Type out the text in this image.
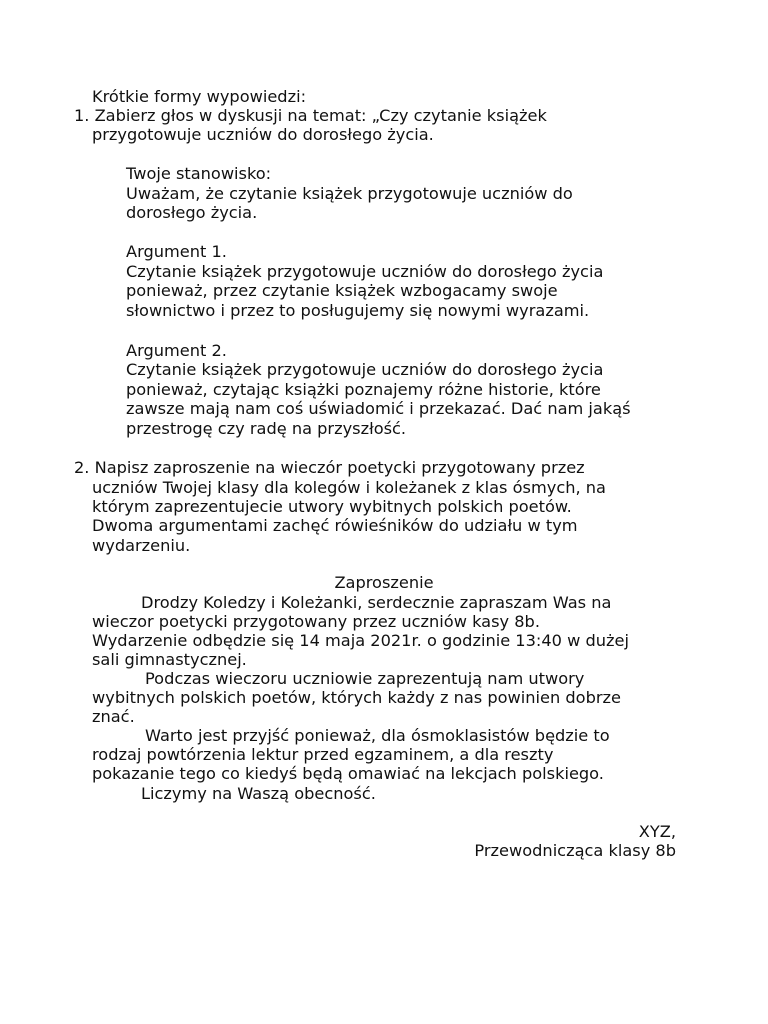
Krótkie formy wypowiedzi:
1. Zabierz głos w dyskusji na temat: „Czy czytanie książek
przygotowuje uczniów do dorosłego życia.
Twoje stanowisko:
Uważam, że czytanie książek przygotowuje uczniów do
dorosłego życia.
Argument 1.
Czytanie książek przygotowuje uczniów do dorosłego życia
ponieważ, przez czytanie książek wzbogacamy swoje
słownictwo i przez to posługujemy się nowymi wyrazami.
Argument 2.
Czytanie książek przygotowuje uczniów do dorosłego życia
ponieważ, czytając książki poznajemy różne historie, które
zawsze mają nam coś uświadomić i przekazać. Dać nam jakąś
przestrogę czy radę na przyszłość.
2. Napisz zaproszenie na wieczór poetycki przygotowany przez
uczniów Twojej klasy dla kolegów i koleżanek z klas ósmych, na
którym zaprezentujecie utwory wybitnych polskich poetów.
Dwoma argumentami zachęć rówieśników do udziału w tym
wydarzeniu.
Zaproszenie
Drodzy Koledzy i Koleżanki, serdecznie zapraszam Was na
wieczor poetycki przygotowany przez uczniów kasy 8b.
Wydarzenie odbędzie się 14 maja 2021r. o godzinie 13:40 w dużej
sali gimnastycznej.
Podczas wieczoru uczniowie zaprezentują nam utwory
wybitnych polskich poetów, których każdy z nas powinien dobrze
znać.
Warto jest przyjść ponieważ, dla ósmoklasistów będzie to
rodzaj powtórzenia lektur przed egzaminem, a dla reszty
pokazanie tego co kiedyś będą omawiać na lekcjach polskiego.
Liczymy na Waszą obecność.
XYZ,
Przewodnicząca klasy 8b
